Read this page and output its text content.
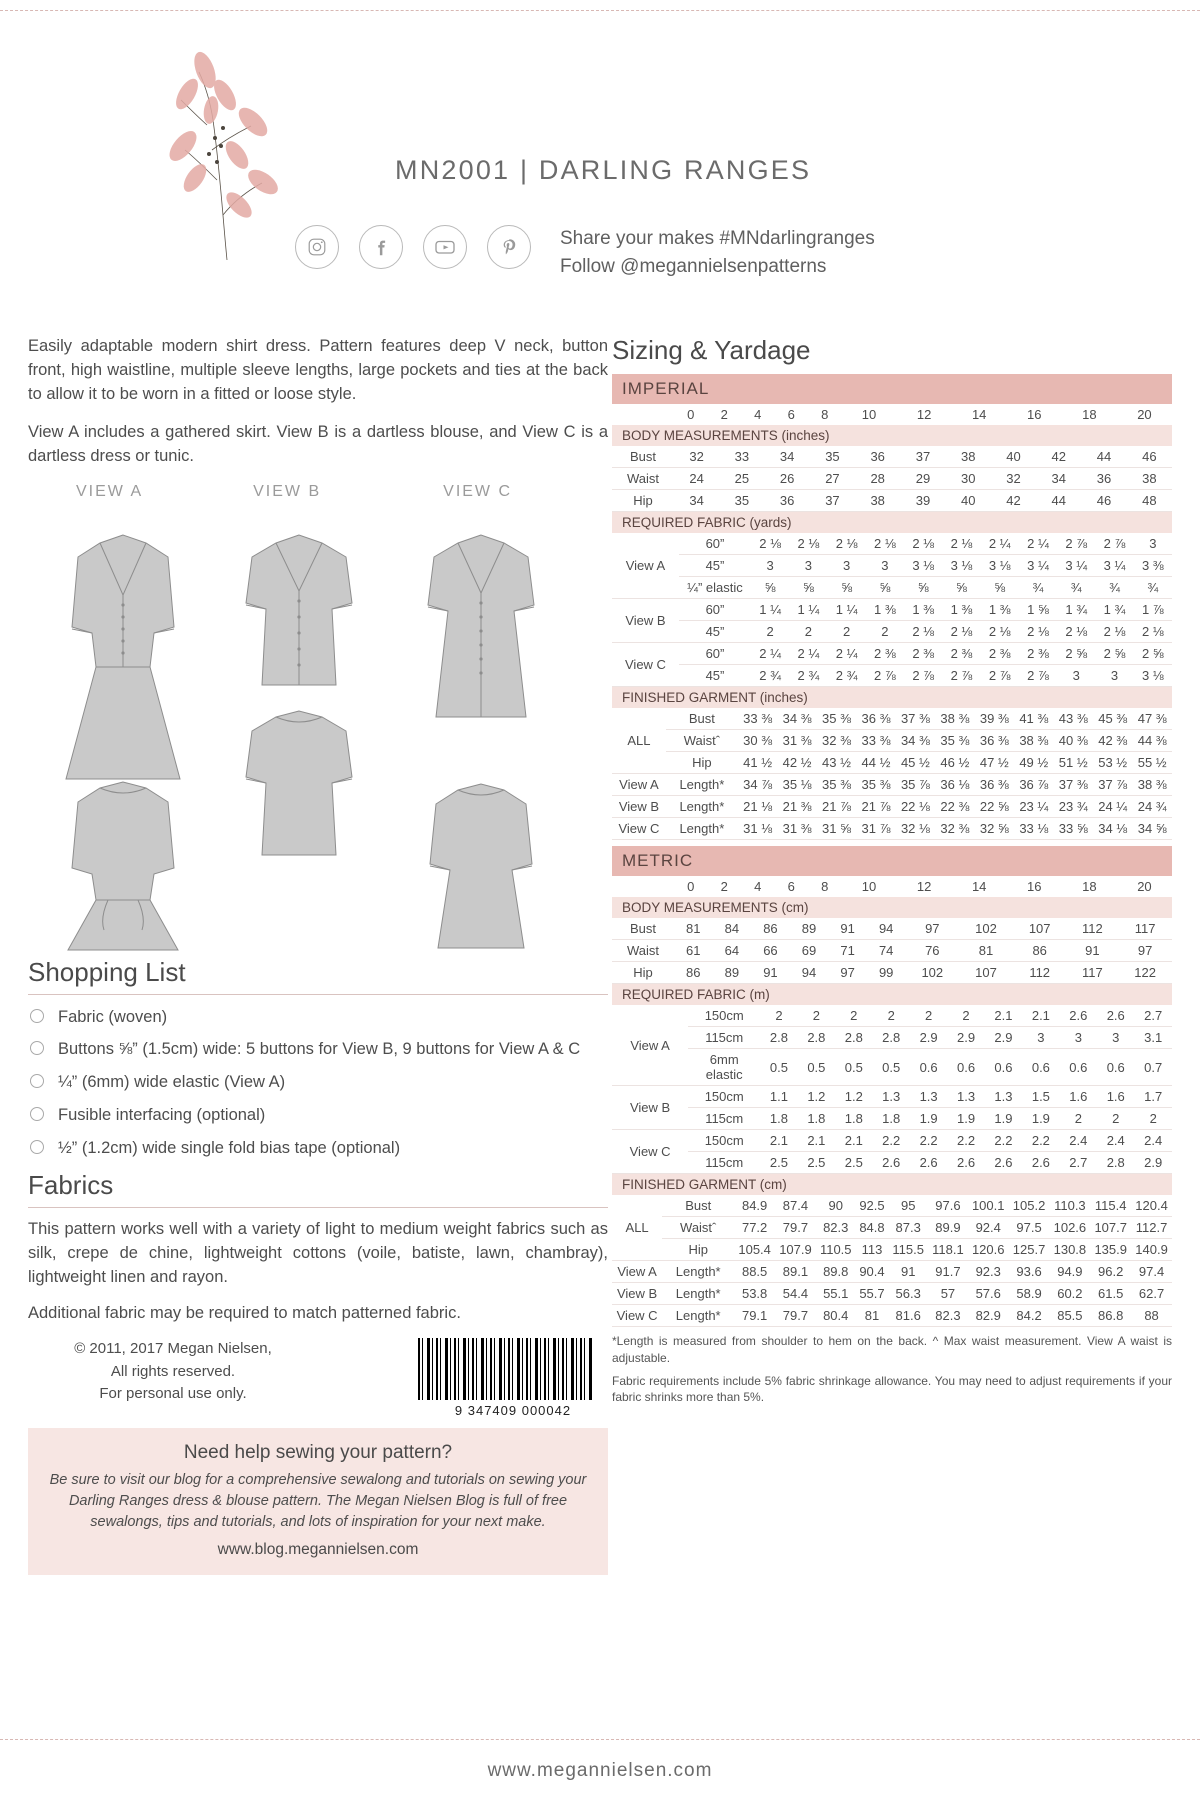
MN2001 | DARLING RANGES
Share your makes #MNdarlingranges
Follow @megannielsenpatterns

Easily adaptable modern shirt dress. Pattern features deep V neck, button front, high waistline, multiple sleeve lengths, large pockets and ties at the back to allow it to be worn in a fitted or loose style.

View A includes a gathered skirt. View B is a dartless blouse, and View C is a dartless dress or tunic.

VIEW A	VIEW B	VIEW C
Shopping List
Fabric (woven)
Buttons ⅝” (1.5cm) wide: 5 buttons for View B, 9 buttons for View A & C
¼” (6mm) wide elastic (View A)
Fusible interfacing (optional)
½” (1.2cm) wide single fold bias tape (optional)
Fabrics

This pattern works well with a variety of light to medium weight fabrics such as silk, crepe de chine, lightweight cottons (voile, batiste, lawn, chambray), lightweight linen and rayon.

Additional fabric may be required to match patterned fabric.

© 2011, 2017 Megan Nielsen,
All rights reserved.
For personal use only.
9 347409 000042
Need help sewing your pattern?
Be sure to visit our blog for a comprehensive sewalong and tutorials on sewing your Darling Ranges dress & blouse pattern. The Megan Nielsen Blog is full of free sewalongs, tips and tutorials, and lots of inspiration for your next make.
www.blog.megannielsen.com
Sizing & Yardage
IMPERIAL
	0	2	4	6	8	10	12	14	16	18	20
BODY MEASUREMENTS (inches)
Bust	32	33	34	35	36	37	38	40	42	44	46
Waist	24	25	26	27	28	29	30	32	34	36	38
Hip	34	35	36	37	38	39	40	42	44	46	48
REQUIRED FABRIC (yards)
View A	60”	2 ⅛	2 ⅛	2 ⅛	2 ⅛	2 ⅛	2 ⅛	2 ¼	2 ¼	2 ⅞	2 ⅞	3
	45”	3	3	3	3	3 ⅛	3 ⅛	3 ⅛	3 ¼	3 ¼	3 ¼	3 ⅜
	¼” elastic	⅝	⅝	⅝	⅝	⅝	⅝	⅝	¾	¾	¾	¾
View B	60”	1 ¼	1 ¼	1 ¼	1 ⅜	1 ⅜	1 ⅜	1 ⅜	1 ⅝	1 ¾	1 ¾	1 ⅞
	45”	2	2	2	2	2 ⅛	2 ⅛	2 ⅛	2 ⅛	2 ⅛	2 ⅛	2 ⅛
View C	60”	2 ¼	2 ¼	2 ¼	2 ⅜	2 ⅜	2 ⅜	2 ⅜	2 ⅜	2 ⅝	2 ⅝	2 ⅝
	45”	2 ¾	2 ¾	2 ¾	2 ⅞	2 ⅞	2 ⅞	2 ⅞	2 ⅞	3	3	3 ⅛
FINISHED GARMENT (inches)
ALL	Bust	33 ⅜	34 ⅜	35 ⅜	36 ⅜	37 ⅜	38 ⅜	39 ⅜	41 ⅜	43 ⅜	45 ⅜	47 ⅜
	Waistˆ	30 ⅜	31 ⅜	32 ⅜	33 ⅜	34 ⅜	35 ⅜	36 ⅜	38 ⅜	40 ⅜	42 ⅜	44 ⅜
	Hip	41 ½	42 ½	43 ½	44 ½	45 ½	46 ½	47 ½	49 ½	51 ½	53 ½	55 ½
View A	Length*	34 ⅞	35 ⅛	35 ⅜	35 ⅜	35 ⅞	36 ⅛	36 ⅜	36 ⅞	37 ⅜	37 ⅞	38 ⅜
View B	Length*	21 ⅛	21 ⅜	21 ⅞	21 ⅞	22 ⅛	22 ⅜	22 ⅝	23 ¼	23 ¾	24 ¼	24 ¾
View C	Length*	31 ⅛	31 ⅜	31 ⅝	31 ⅞	32 ⅛	32 ⅜	32 ⅝	33 ⅛	33 ⅝	34 ⅛	34 ⅝
METRIC
	0	2	4	6	8	10	12	14	16	18	20
BODY MEASUREMENTS (cm)
Bust	81	84	86	89	91	94	97	102	107	112	117
Waist	61	64	66	69	71	74	76	81	86	91	97
Hip	86	89	91	94	97	99	102	107	112	117	122
REQUIRED FABRIC (m)
View A	150cm	2	2	2	2	2	2	2.1	2.1	2.6	2.6	2.7
	115cm	2.8	2.8	2.8	2.8	2.9	2.9	2.9	3	3	3	3.1
	6mm elastic	0.5	0.5	0.5	0.5	0.6	0.6	0.6	0.6	0.6	0.6	0.7
View B	150cm	1.1	1.2	1.2	1.3	1.3	1.3	1.3	1.5	1.6	1.6	1.7
	115cm	1.8	1.8	1.8	1.8	1.9	1.9	1.9	1.9	2	2	2
View C	150cm	2.1	2.1	2.1	2.2	2.2	2.2	2.2	2.2	2.4	2.4	2.4
	115cm	2.5	2.5	2.5	2.6	2.6	2.6	2.6	2.6	2.7	2.8	2.9
FINISHED GARMENT (cm)
ALL	Bust	84.9	87.4	90	92.5	95	97.6	100.1	105.2	110.3	115.4	120.4
	Waistˆ	77.2	79.7	82.3	84.8	87.3	89.9	92.4	97.5	102.6	107.7	112.7
	Hip	105.4	107.9	110.5	113	115.5	118.1	120.6	125.7	130.8	135.9	140.9
View A	Length*	88.5	89.1	89.8	90.4	91	91.7	92.3	93.6	94.9	96.2	97.4
View B	Length*	53.8	54.4	55.1	55.7	56.3	57	57.6	58.9	60.2	61.5	62.7
View C	Length*	79.1	79.7	80.4	81	81.6	82.3	82.9	84.2	85.5	86.8	88
*Length is measured from shoulder to hem on the back. ^ Max waist measurement. View A waist is adjustable.
Fabric requirements include 5% fabric shrinkage allowance. You may need to adjust requirements if your fabric shrinks more than 5%.
www.megannielsen.com
